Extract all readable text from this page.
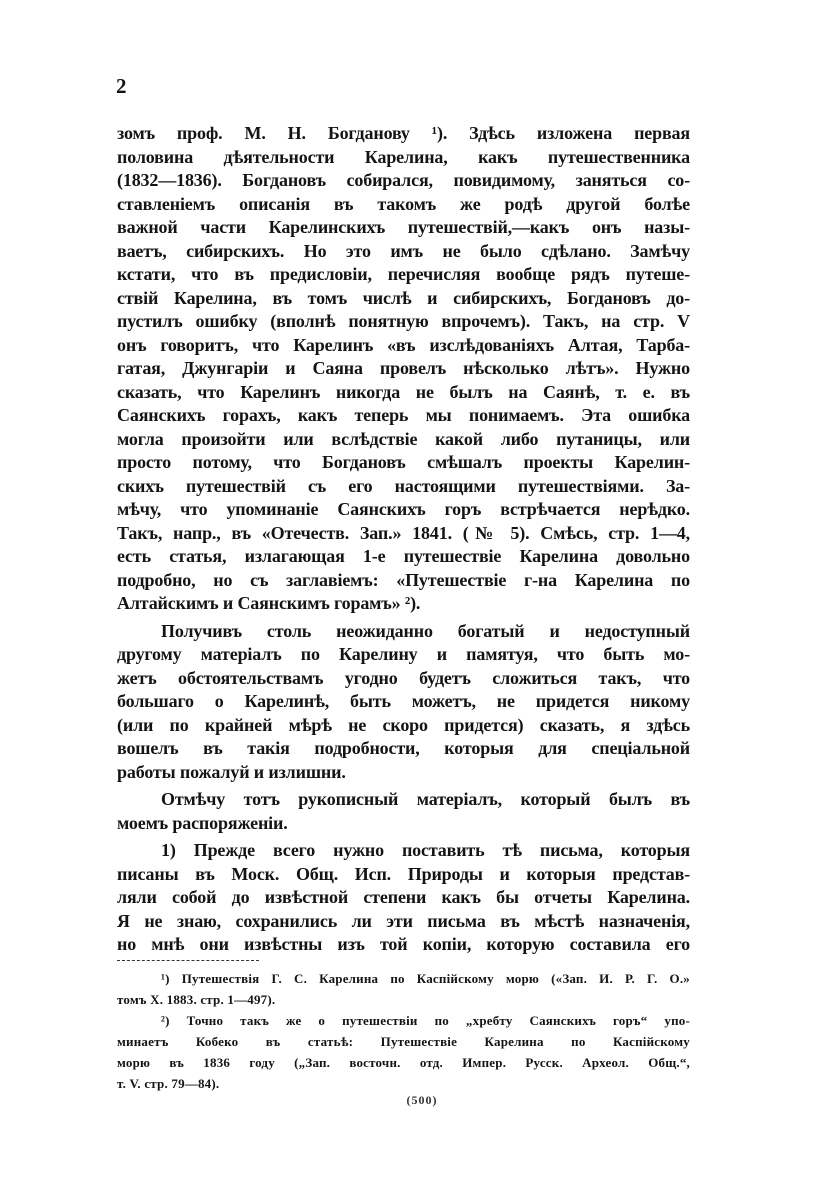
2
зомъ проф. М. Н. Богданову ¹). Здѣсь изложена первая
половина дѣятельности Карелина, какъ путешественника
(1832—1836). Богдановъ собирался, повидимому, заняться со-
ставленіемъ описанія въ такомъ же родѣ другой болѣе
важной части Карелинскихъ путешествій,—какъ онъ назы-
ваетъ, сибирскихъ. Но это имъ не было сдѣлано. Замѣчу
кстати, что въ предисловіи, перечисляя вообще рядъ путеше-
ствій Карелина, въ томъ числѣ и сибирскихъ, Богдановъ до-
пустилъ ошибку (вполнѣ понятную впрочемъ). Такъ, на стр. V
онъ говоритъ, что Карелинъ «въ изслѣдованіяхъ Алтая, Тарба-
гатая, Джунгаріи и Саяна провелъ нѣсколько лѣтъ». Нужно
сказать, что Карелинъ никогда не былъ на Саянѣ, т. е. въ
Саянскихъ горахъ, какъ теперь мы понимаемъ. Эта ошибка
могла произойти или вслѣдствіе какой либо путаницы, или
просто потому, что Богдановъ смѣшалъ проекты Карелин-
скихъ путешествій съ его настоящими путешествіями. За-
мѣчу, что упоминаніе Саянскихъ горъ встрѣчается нерѣдко.
Такъ, напр., въ «Отечеств. Зап.» 1841. (№ 5). Смѣсь, стр. 1—4,
есть статья, излагающая 1-е путешествіе Карелина довольно
подробно, но съ заглавіемъ: «Путешествіе г-на Карелина по
Алтайскимъ и Саянскимъ горамъ» ²).
Получивъ столь неожиданно богатый и недоступный
другому матеріалъ по Карелину и памятуя, что быть мо-
жетъ обстоятельствамъ угодно будетъ сложиться такъ, что
большаго о Карелинѣ, быть можетъ, не придется никому
(или по крайней мѣрѣ не скоро придется) сказать, я здѣсь
вошелъ въ такія подробности, которыя для спеціальной
работы пожалуй и излишни.
Отмѣчу тотъ рукописный матеріалъ, который былъ въ
моемъ распоряженіи.
1) Прежде всего нужно поставить тѣ письма, которыя
писаны въ Моск. Общ. Исп. Природы и которыя представ-
ляли собой до извѣстной степени какъ бы отчеты Карелина.
Я не знаю, сохранились ли эти письма въ мѣстѣ назначенія,
но мнѣ они извѣстны изъ той копіи, которую составила его
¹) Путешествія Г. С. Карелина по Каспійскому морю («Зап. И. Р. Г. О.»
томъ X. 1883. стр. 1—497).
²) Точно такъ же о путешествіи по „хребту Саянскихъ горъ“ упо-
минаетъ Кобеко въ статьѣ: Путешествіе Карелина по Каспійскому
морю въ 1836 году („Зап. восточн. отд. Импер. Русск. Археол. Общ.“,
т. V. стр. 79—84).
(500)
